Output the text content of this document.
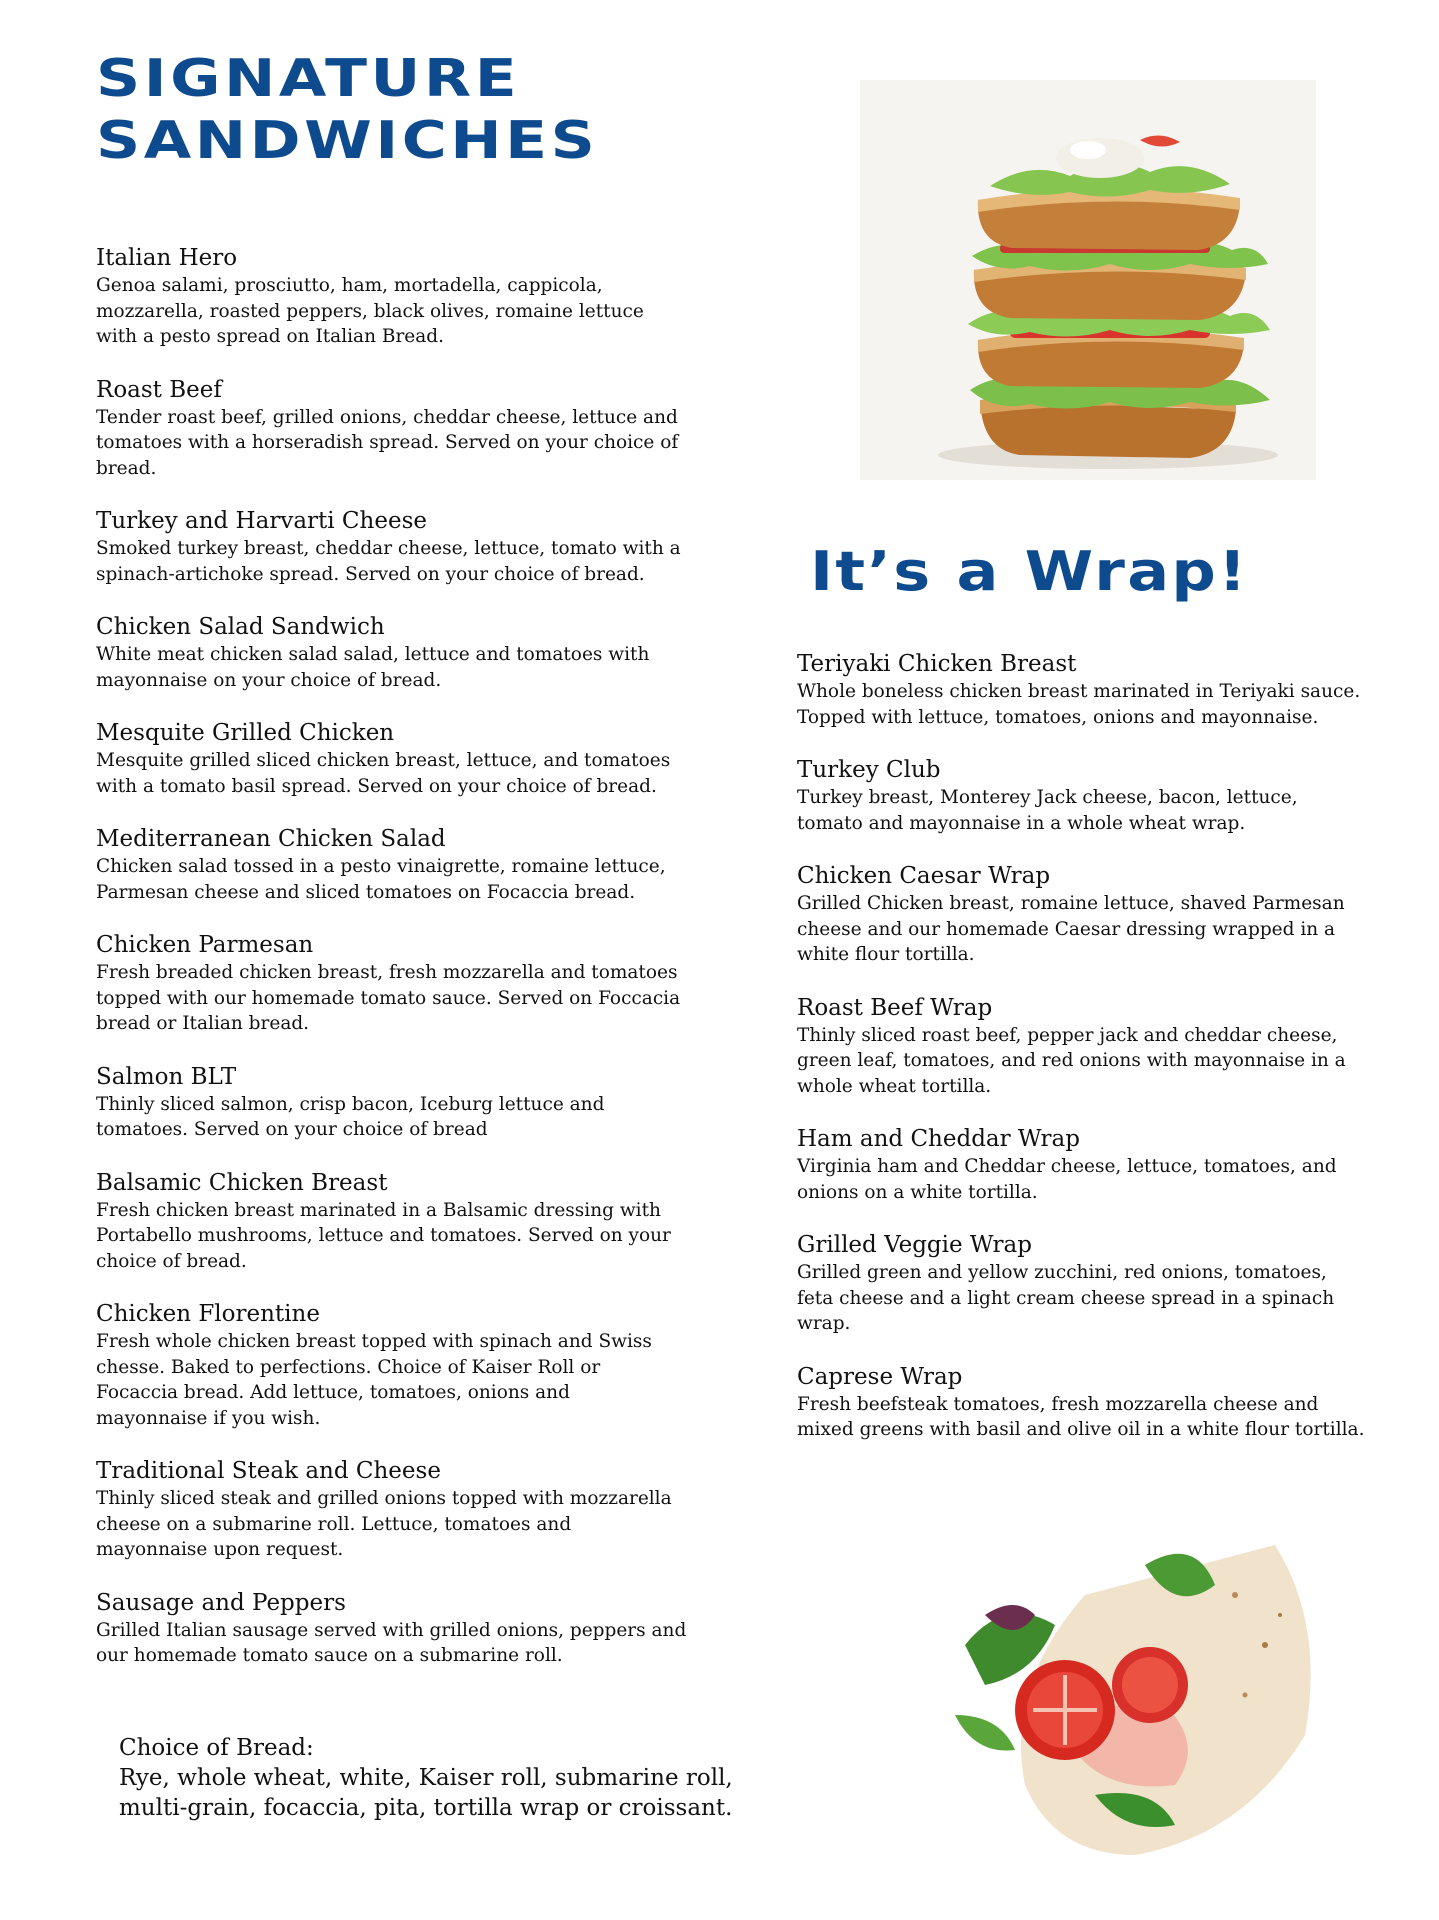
SIGNATURE
SANDWICHES
Italian Hero
Genoa salami, prosciutto, ham, mortadella, cappicola,
mozzarella, roasted peppers, black olives, romaine lettuce
with a pesto spread on Italian Bread.
Roast Beef
Tender roast beef, grilled onions, cheddar cheese, lettuce and
tomatoes with a horseradish spread. Served on your choice of
bread.
Turkey and Harvarti Cheese
Smoked turkey breast, cheddar cheese, lettuce, tomato with a
spinach-artichoke spread. Served on your choice of bread.
Chicken Salad Sandwich
White meat chicken salad salad, lettuce and tomatoes with
mayonnaise on your choice of bread.
Mesquite Grilled Chicken
Mesquite grilled sliced chicken breast, lettuce, and tomatoes
with a tomato basil spread. Served on your choice of bread.
Mediterranean Chicken Salad
Chicken salad tossed in a pesto vinaigrette, romaine lettuce,
Parmesan cheese and sliced tomatoes on Focaccia bread.
Chicken Parmesan
Fresh breaded chicken breast, fresh mozzarella and tomatoes
topped with our homemade tomato sauce. Served on Foccacia
bread or Italian bread.
Salmon BLT
Thinly sliced salmon, crisp bacon, Iceburg lettuce and
tomatoes. Served on your choice of bread
Balsamic Chicken Breast
Fresh chicken breast marinated in a Balsamic dressing with
Portabello mushrooms, lettuce and tomatoes. Served on your
choice of bread.
Chicken Florentine
Fresh whole chicken breast topped with spinach and Swiss
chesse. Baked to perfections. Choice of Kaiser Roll or
Focaccia bread. Add lettuce, tomatoes, onions and
mayonnaise if you wish.
Traditional Steak and Cheese
Thinly sliced steak and grilled onions topped with mozzarella
cheese on a submarine roll. Lettuce, tomatoes and
mayonnaise upon request.
Sausage and Peppers
Grilled Italian sausage served with grilled onions, peppers and
our homemade tomato sauce on a submarine roll.
Choice of Bread:
Rye, whole wheat, white, Kaiser roll, submarine roll,
multi-grain, focaccia, pita, tortilla wrap or croissant.
It’s a Wrap!
Teriyaki Chicken Breast
Whole boneless chicken breast marinated in Teriyaki sauce.
Topped with lettuce, tomatoes, onions and mayonnaise.
Turkey Club
Turkey breast, Monterey Jack cheese, bacon, lettuce,
tomato and mayonnaise in a whole wheat wrap.
Chicken Caesar Wrap
Grilled Chicken breast, romaine lettuce, shaved Parmesan
cheese and our homemade Caesar dressing wrapped in a
white flour tortilla.
Roast Beef Wrap
Thinly sliced roast beef, pepper jack and cheddar cheese,
green leaf, tomatoes, and red onions with mayonnaise in a
whole wheat tortilla.
Ham and Cheddar Wrap
Virginia ham and Cheddar cheese, lettuce, tomatoes, and
onions on a white tortilla.
Grilled Veggie Wrap
Grilled green and yellow zucchini, red onions, tomatoes,
feta cheese and a light cream cheese spread in a spinach
wrap.
Caprese Wrap
Fresh beefsteak tomatoes, fresh mozzarella cheese and
mixed greens with basil and olive oil in a white flour tortilla.
